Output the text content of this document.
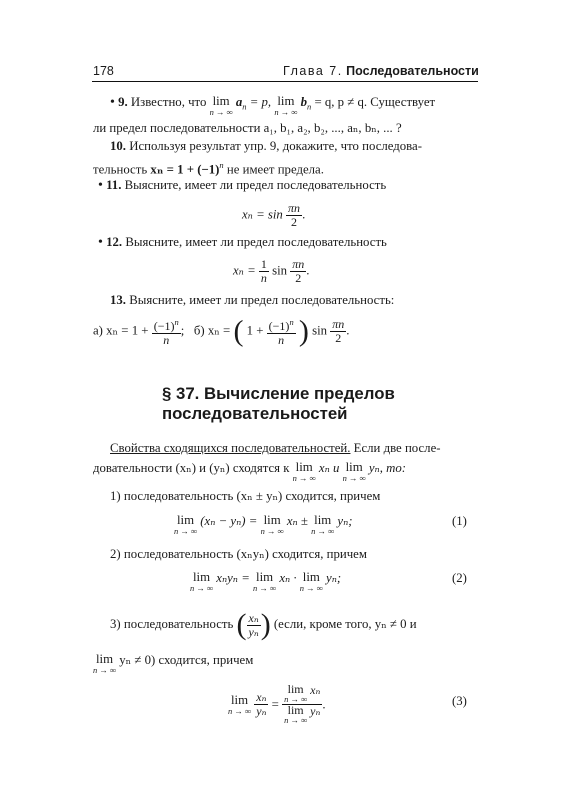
178	Глава 7. Последовательности
• 9. Известно, что lim
n → ∞
$a_n = p$, lim
n → ∞
$b_n = q$, p ≠ q. Существует
ли предел последовательности a₁, b₁, a₂, b₂, ..., aₙ, bₙ, ... ?
10. Используя результат упр. 9, докажите, что последова-
тельность $x_n = 1 + (-1)^n$ не имеет предела.
• 11. Выясните, имеет ли предел последовательность
$x_n = \sin \frac{\pi n}{2}$ .
• 12. Выясните, имеет ли предел последовательность
$x_n = \frac{1}{n}$ $\sin \frac{\pi n}{2}$ .
13. Выясните, имеет ли предел последовательность:
а) $x_n = 1 + \frac{(-1)^n}{n}$ ; б) xₙ = ( $1 + \frac{(-1)^n}{n}$ ) $\sin \frac{\pi n}{2}$ .
§ 37. Вычисление пределов
последовательностей
Свойства сходящихся последовательностей. Если две после-
довательности (xₙ) и (yₙ) сходятся к lim
n → ∞
xₙ и lim
n → ∞
yₙ, то:
1) последовательность (xₙ ± yₙ) сходится, причем
lim
n → ∞
(xₙ − yₙ) = lim
n → ∞
xₙ ± lim
n → ∞
yₙ;	(1)
2) последовательность (xₙyₙ) сходится, причем
lim
n → ∞
xₙyₙ = lim
n → ∞
xₙ · lim
n → ∞
yₙ;	(2)
3) последовательность ( $\frac{\text{xₙ}}{\text{yₙ}}$ ) (если, кроме того, yₙ ≠ 0 и
lim
n → ∞
yₙ ≠ 0) сходится, причем
lim
n → ∞
$\frac{\text{xₙ}}{\text{yₙ}} = \lim$
n → ∞
xₙ
lim
n → ∞
yₙ .	(3)
